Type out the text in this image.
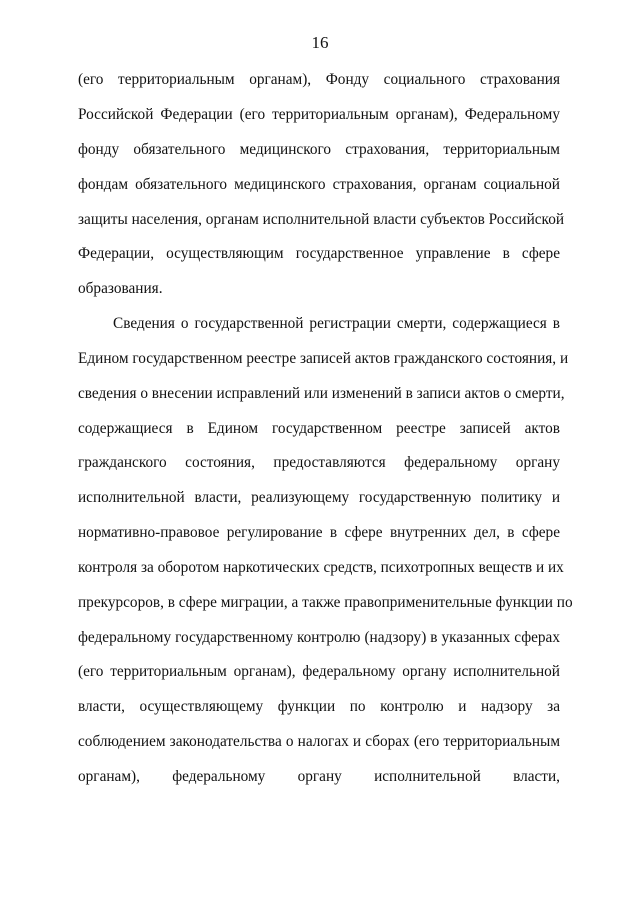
16
(его территориальным органам), Фонду социального страхования
Российской Федерации (его территориальным органам), Федеральному
фонду обязательного медицинского страхования, территориальным
фондам обязательного медицинского страхования, органам социальной
защиты населения, органам исполнительной власти субъектов Российской
Федерации, осуществляющим государственное управление в сфере
образования.
Сведения о государственной регистрации смерти, содержащиеся в
Едином государственном реестре записей актов гражданского состояния, и
сведения о внесении исправлений или изменений в записи актов о смерти,
содержащиеся в Едином государственном реестре записей актов
гражданского состояния, предоставляются федеральному органу
исполнительной власти, реализующему государственную политику и
нормативно-правовое регулирование в сфере внутренних дел, в сфере
контроля за оборотом наркотических средств, психотропных веществ и их
прекурсоров, в сфере миграции, а также правоприменительные функции по
федеральному государственному контролю (надзору) в указанных сферах
(его территориальным органам), федеральному органу исполнительной
власти, осуществляющему функции по контролю и надзору за
соблюдением законодательства о налогах и сборах (его территориальным
органам), федеральному органу исполнительной власти,
